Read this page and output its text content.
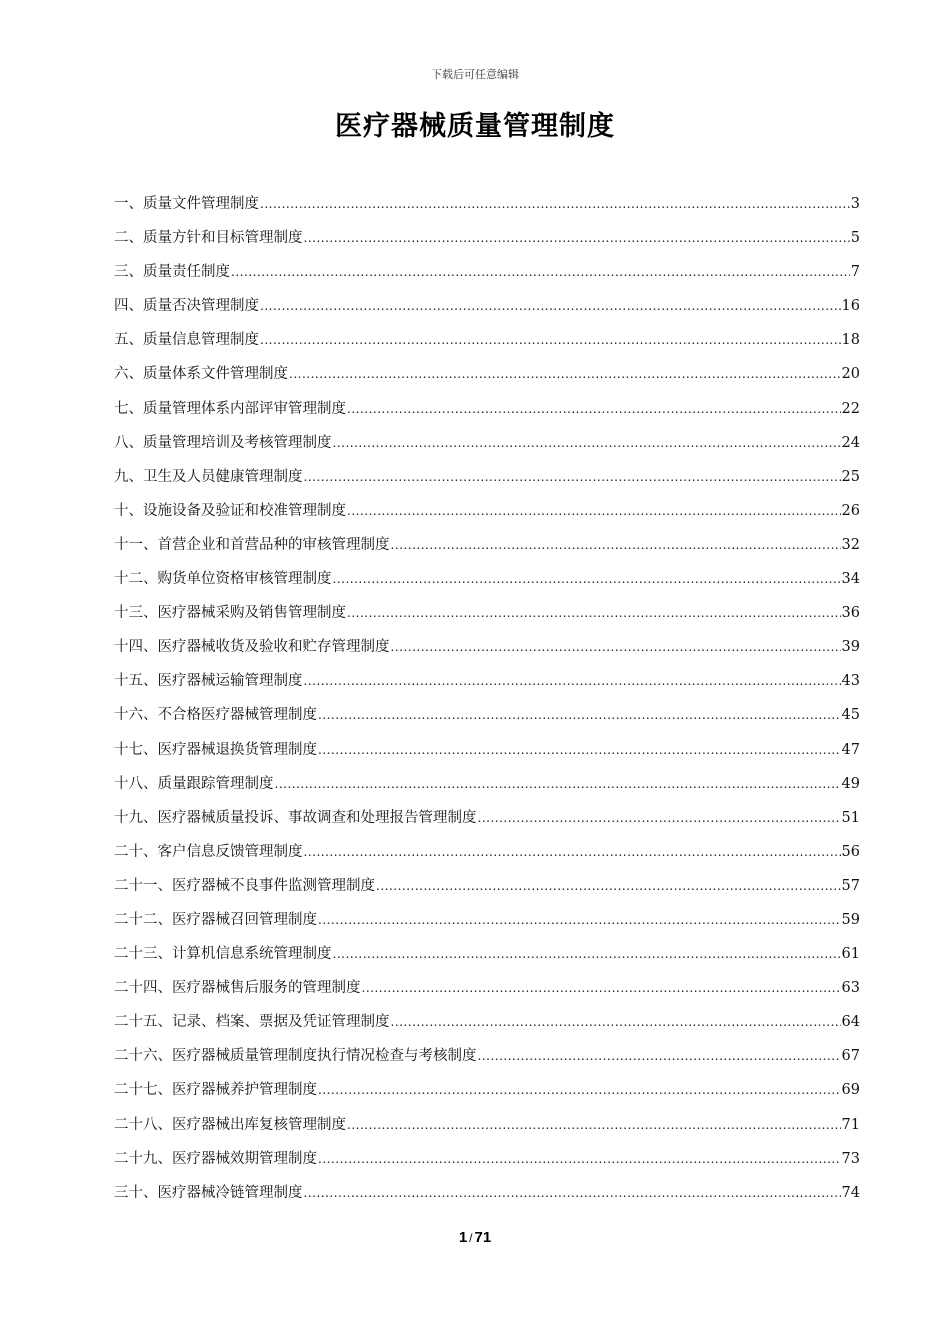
下载后可任意编辑
医疗器械质量管理制度
一、质量文件管理制度 .....	3
二、质量方针和目标管理制度 .....	5
三、质量责任制度 .....	7
四、质量否决管理制度 .....	16
五、质量信息管理制度 .....	18
六、质量体系文件管理制度 .....	20
七、质量管理体系内部评审管理制度 .....	22
八、质量管理培训及考核管理制度 .....	24
九、卫生及人员健康管理制度 .....	25
十、设施设备及验证和校准管理制度 .....	26
十一、首营企业和首营品种的审核管理制度 .....	32
十二、购货单位资格审核管理制度 .....	34
十三、医疗器械采购及销售管理制度 .....	36
十四、医疗器械收货及验收和贮存管理制度 .....	39
十五、医疗器械运输管理制度 .....	43
十六、不合格医疗器械管理制度 .....	45
十七、医疗器械退换货管理制度 .....	47
十八、质量跟踪管理制度 .....	49
十九、医疗器械质量投诉、事故调查和处理报告管理制度 .....	51
二十、客户信息反馈管理制度 .....	56
二十一、医疗器械不良事件监测管理制度 .....	57
二十二、医疗器械召回管理制度 .....	59
二十三、计算机信息系统管理制度 .....	61
二十四、医疗器械售后服务的管理制度 .....	63
二十五、记录、档案、票据及凭证管理制度 .....	64
二十六、医疗器械质量管理制度执行情况检查与考核制度 .....	67
二十七、医疗器械养护管理制度 .....	69
二十八、医疗器械出库复核管理制度 .....	71
二十九、医疗器械效期管理制度 .....	73
三十、医疗器械冷链管理制度 .....	74
1 / 71
